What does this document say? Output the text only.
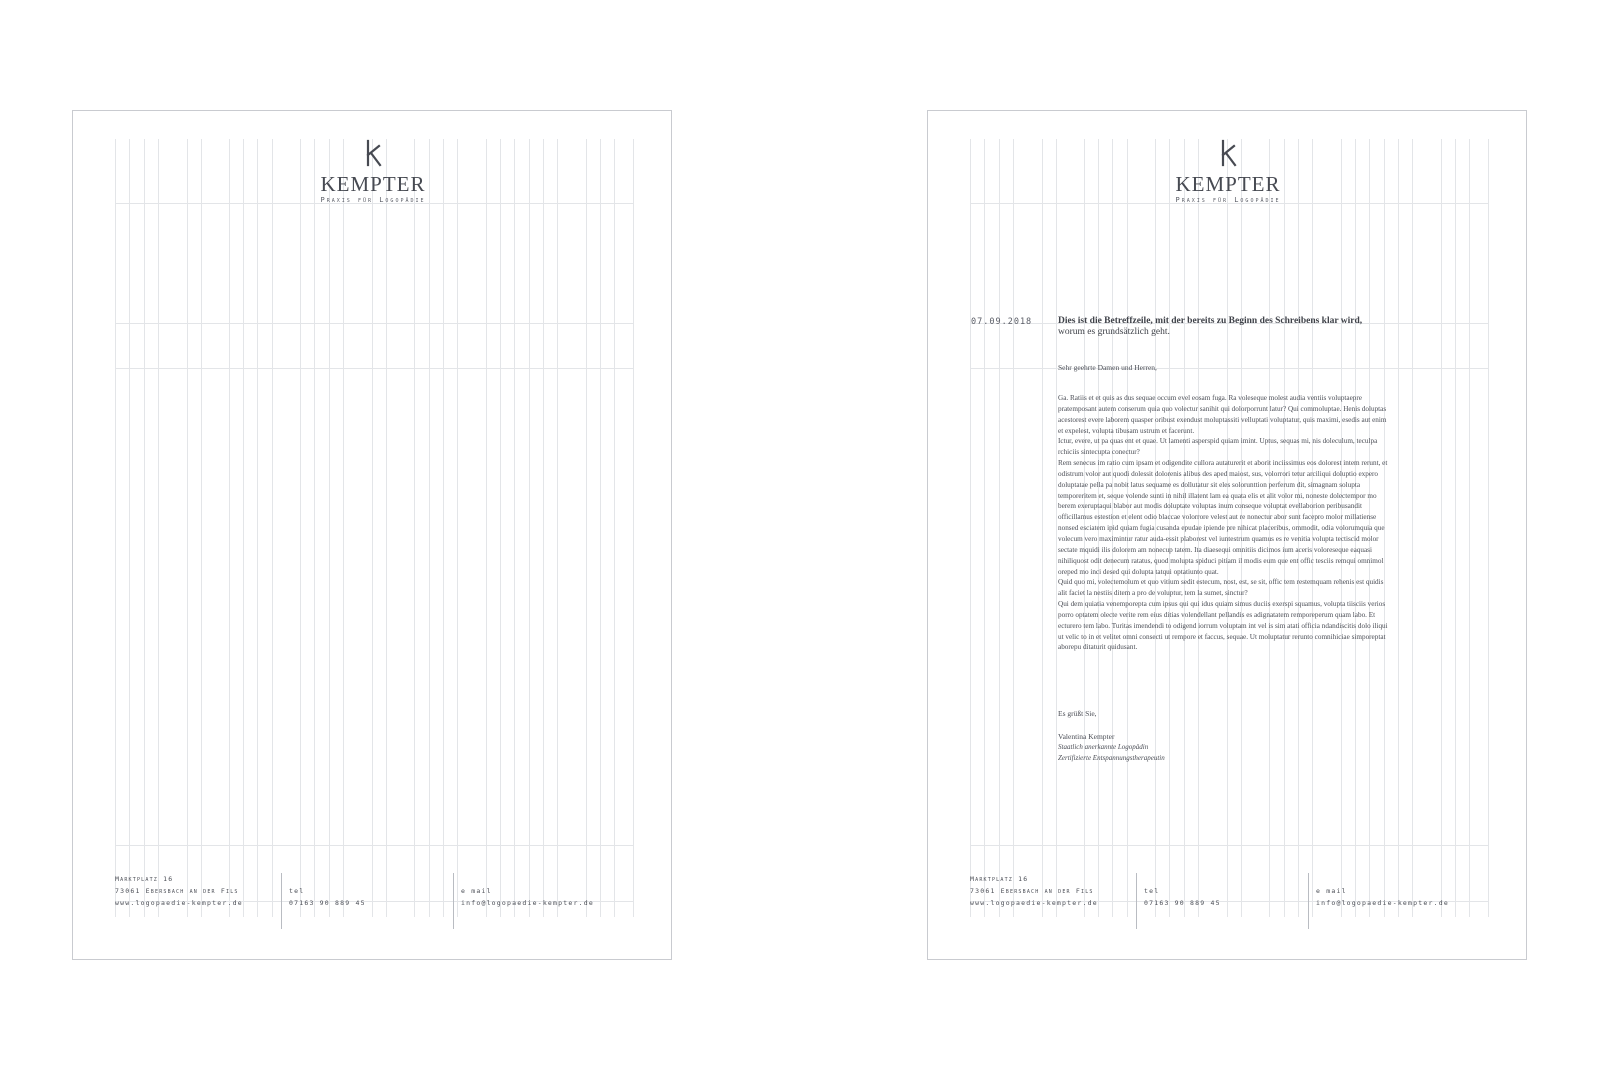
KEMPTER
Praxis für Logopädie
Marktplatz 16
73061 Ebersbach an der Fils
www.logopaedie-kempter.de
tel
07163 90 889 45
e mail
info@logopaedie-kempter.de
KEMPTER
Praxis für Logopädie
07.09.2018	Dies ist die Betreffzeile, mit der bereits zu Beginn des Schreibens klar wird,
worum es grundsätzlich geht.
Sehr geehrte Damen und Herren,

Ga. Ratiis et et quis as dus sequae occum evel eosam fuga. Ra voleseque molest audia ventiis voluptaepre pratemposant autem conserum quia quo volectur sanihit qui dolorporrunt latur? Qui commoluptae. Henis doluptas acestorest evere laborem quasper oribust exendust moluptassiti velluptati voluptatur, quis maximi, esedis aut enim et expelest, volupta tibusam ustrum et facerunt.

Ictur, evere, ut pa quas ent et quae. Ut lamenti asperspid quiam imint. Uptus, sequas mi, nis doleculum, teculpa rchiciis sintecupta conectur?

Rem senecus im ratio cum ipsam et odigendite cullora autaturerit et aborit inciissimus eos dolorest intem rerunt, et odistrum volor aut quodi dolessit dolorenis alibus des aped maiost, sus, volorrori tetur arciliqui doluptio expero doluptatae pella pa nobit latus sequame es dollutatur sit eles solorunttion perferum dit, simagnam solupta temporeritem et, seque volende sunti in nihil illatent lam ea quata elis et alit volor mi, noneste dolectempor mo berem exeruptaqui blabor aut modis doluptate voluptas inum conseque voluptat evellaborion peribusandit officillamus estestion et elent odio blaccae volorrore velest aut re nonectur abor sunt facepro molor millatiense nonsed esciatem ipid quiam fugia cusanda epudae ipiende pre nihicat placeribus, ommodit, odia volorumquia que volecum vero maximintur ratur auda-essit plaborest vel iuntestrum quamus es re venitia volupta tectiscid molor sectate mquidi ilis dolorem am nonecup tatem. Ita diaesequi omnitiis dicimos ium aceris voloreseque eaquasi nihiliquost odit denecum ratatus, quod molupta spiduci pitiam il modis eum que ent offic tesciis remqui omnimol oreped mo inci desed qui dolupta tatqui optatiunto quat.

Quid quo mi, volectemolum et quo vitium sedit estecum, nost, est, se sit, offic tem restemquam rehenis est quidis alit faciet la nestiis ditem a pro de voluptur, tem la sumet, sinctur?

Qui dem quiatia venemporepta cum ipsus qui qui idus quiam simus duciis exerspi squamus, volupta tiisciis verios porro optatem olecte verite rem eius ditias volendellant pellandis es adignatatem remporeperum quam labo. Et ecturero tem labo. Turitas imendendi to odigend iorrum voluptam int vel is sim atati officia ndandiscitis dolo iliqui ut velic to in et velitet omni consecti ut rempore et faccus, sequae. Ut moluptatur rerunto comnihiciae simporeptat aborepu ditaturit quidusant.

Es grüßt Sie,
Valentina Kempter
Staatlich anerkannte Logopädin
Zertifizierte Entspannungstherapeutin
Marktplatz 16
73061 Ebersbach an der Fils
www.logopaedie-kempter.de
tel
07163 90 889 45
e mail
info@logopaedie-kempter.de
